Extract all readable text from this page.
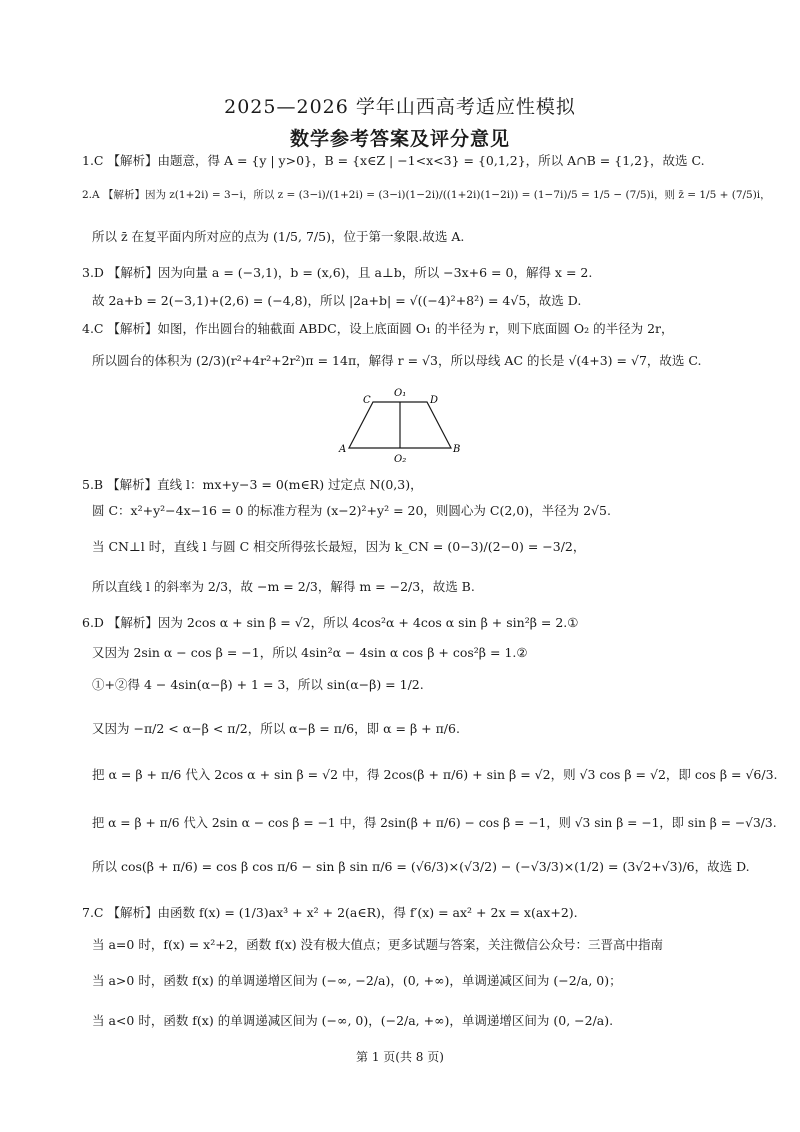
2025—2026 学年山西高考适应性模拟
数学参考答案及评分意见
1.C 【解析】由题意，得 A = {y | y>0}，B = {x∈Z | −1<x<3} = {0,1,2}，所以 A∩B = {1,2}，故选 C.
2.A 【解析】因为 z(1+2i) = 3−i，所以 z = (3−i)/(1+2i) = (3−i)(1−2i)/((1+2i)(1−2i)) = (1−7i)/5 = 1/5 − (7/5)i，则 z̄ = 1/5 + (7/5)i，
所以 z̄ 在复平面内所对应的点为 (1/5, 7/5)，位于第一象限.故选 A.
3.D 【解析】因为向量 a = (−3,1)，b = (x,6)，且 a⊥b，所以 −3x+6 = 0，解得 x = 2.
故 2a+b = 2(−3,1)+(2,6) = (−4,8)，所以 |2a+b| = √((−4)²+8²) = 4√5，故选 D.
4.C 【解析】如图，作出圆台的轴截面 ABDC，设上底面圆 O₁ 的半径为 r，则下底面圆 O₂ 的半径为 2r，
所以圆台的体积为 (2/3)(r²+4r²+2r²)π = 14π，解得 r = √3，所以母线 AC 的长是 √(4+3) = √7，故选 C.
C
O₁
D
A
O₂
B
5.B 【解析】直线 l：mx+y−3 = 0(m∈R) 过定点 N(0,3)，
圆 C：x²+y²−4x−16 = 0 的标准方程为 (x−2)²+y² = 20，则圆心为 C(2,0)，半径为 2√5.
当 CN⊥l 时，直线 l 与圆 C 相交所得弦长最短，因为 k_CN = (0−3)/(2−0) = −3/2，
所以直线 l 的斜率为 2/3，故 −m = 2/3，解得 m = −2/3，故选 B.
6.D 【解析】因为 2cos α + sin β = √2，所以 4cos²α + 4cos α sin β + sin²β = 2.①
又因为 2sin α − cos β = −1，所以 4sin²α − 4sin α cos β + cos²β = 1.②
①+②得 4 − 4sin(α−β) + 1 = 3，所以 sin(α−β) = 1/2.
又因为 −π/2 < α−β < π/2，所以 α−β = π/6，即 α = β + π/6.
把 α = β + π/6 代入 2cos α + sin β = √2 中，得 2cos(β + π/6) + sin β = √2，则 √3 cos β = √2，即 cos β = √6/3.
把 α = β + π/6 代入 2sin α − cos β = −1 中，得 2sin(β + π/6) − cos β = −1，则 √3 sin β = −1，即 sin β = −√3/3.
所以 cos(β + π/6) = cos β cos π/6 − sin β sin π/6 = (√6/3)×(√3/2) − (−√3/3)×(1/2) = (3√2+√3)/6，故选 D.
7.C 【解析】由函数 f(x) = (1/3)ax³ + x² + 2(a∈R)，得 f′(x) = ax² + 2x = x(ax+2).
当 a=0 时，f(x) = x²+2，函数 f(x) 没有极大值点；更多试题与答案，关注微信公众号：三晋高中指南
当 a>0 时，函数 f(x) 的单调递增区间为 (−∞, −2/a)，(0, +∞)，单调递减区间为 (−2/a, 0)；
当 a<0 时，函数 f(x) 的单调递减区间为 (−∞, 0)，(−2/a, +∞)，单调递增区间为 (0, −2/a).
第 1 页(共 8 页)
